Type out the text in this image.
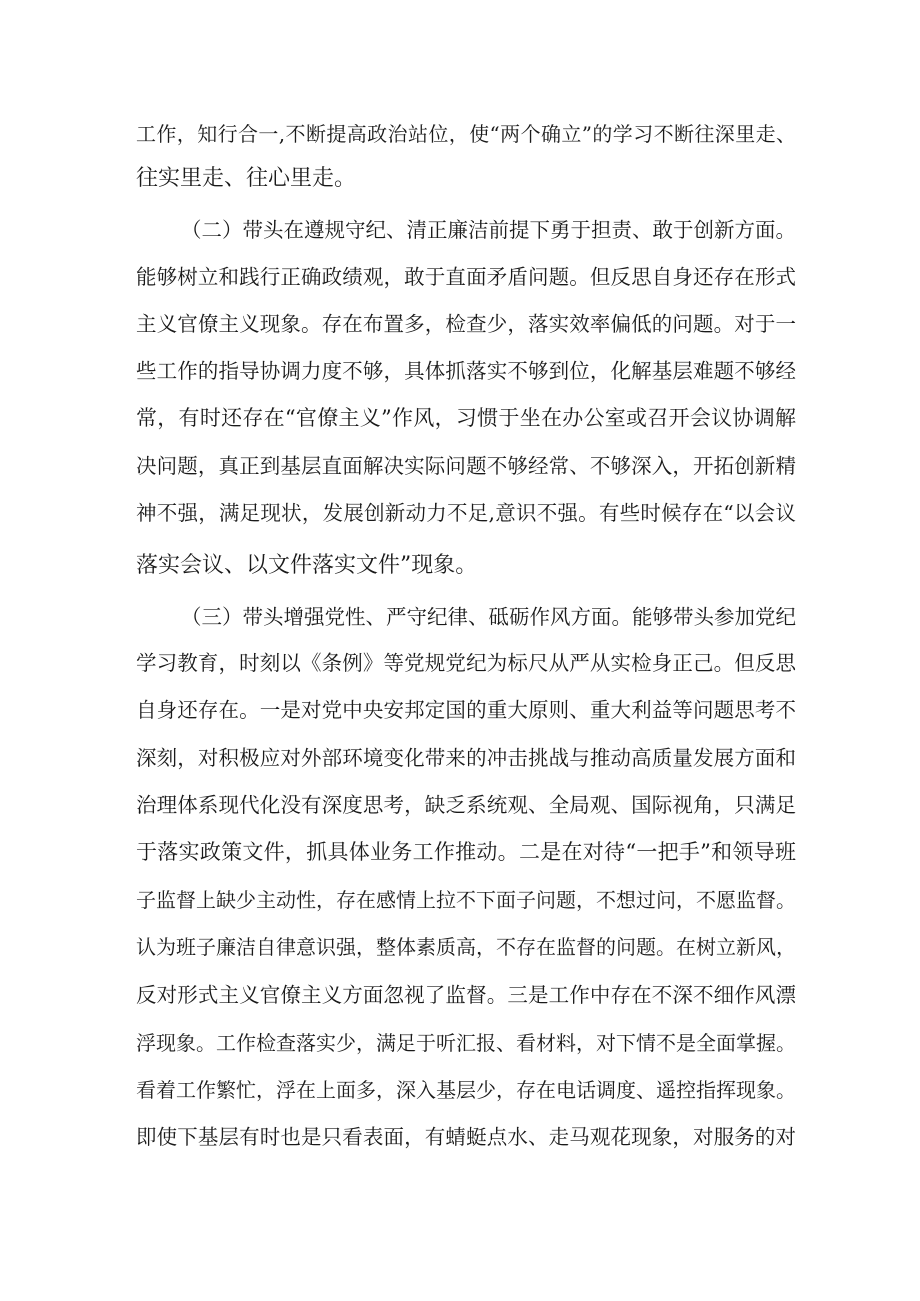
工作，知行合一,不断提高政治站位，使“两个确立”的学习不断往深里走、
往实里走、往心里走。
（二）带头在遵规守纪、清正廉洁前提下勇于担责、敢于创新方面。
能够树立和践行正确政绩观，敢于直面矛盾问题。但反思自身还存在形式
主义官僚主义现象。存在布置多，检查少，落实效率偏低的问题。对于一
些工作的指导协调力度不够，具体抓落实不够到位，化解基层难题不够经
常，有时还存在“官僚主义”作风，习惯于坐在办公室或召开会议协调解
决问题，真正到基层直面解决实际问题不够经常、不够深入，开拓创新精
神不强，满足现状，发展创新动力不足,意识不强。有些时候存在“以会议
落实会议、以文件落实文件”现象。
（三）带头增强党性、严守纪律、砥砺作风方面。能够带头参加党纪
学习教育，时刻以《条例》等党规党纪为标尺从严从实检身正己。但反思
自身还存在。一是对党中央安邦定国的重大原则、重大利益等问题思考不
深刻，对积极应对外部环境变化带来的冲击挑战与推动高质量发展方面和
治理体系现代化没有深度思考，缺乏系统观、全局观、国际视角，只满足
于落实政策文件，抓具体业务工作推动。二是在对待“一把手”和领导班
子监督上缺少主动性，存在感情上拉不下面子问题，不想过问，不愿监督。
认为班子廉洁自律意识强，整体素质高，不存在监督的问题。在树立新风，
反对形式主义官僚主义方面忽视了监督。三是工作中存在不深不细作风漂
浮现象。工作检查落实少，满足于听汇报、看材料，对下情不是全面掌握。
看着工作繁忙，浮在上面多，深入基层少，存在电话调度、遥控指挥现象。
即使下基层有时也是只看表面，有蜻蜓点水、走马观花现象，对服务的对
